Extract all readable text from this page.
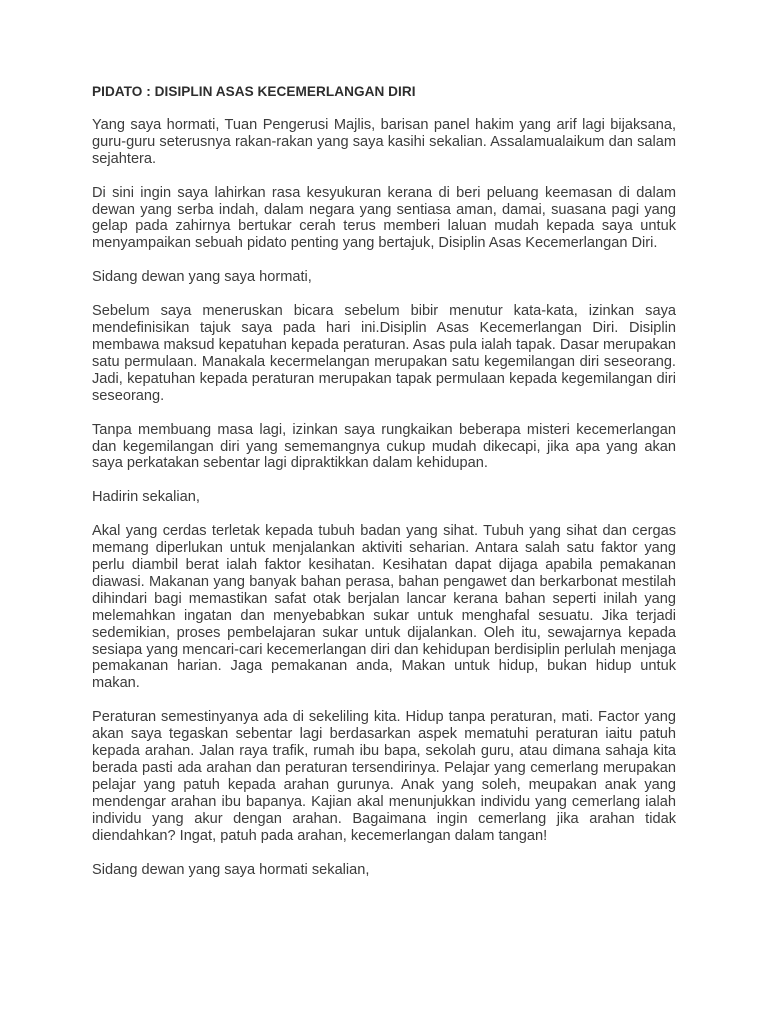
PIDATO : DISIPLIN ASAS KECEMERLANGAN DIRI

Yang saya hormati, Tuan Pengerusi Majlis, barisan panel hakim yang arif lagi bijaksana, guru-guru seterusnya rakan-rakan yang saya kasihi sekalian. Assalamualaikum dan salam sejahtera.

Di sini ingin saya lahirkan rasa kesyukuran kerana di beri peluang keemasan di dalam dewan yang serba indah, dalam negara yang sentiasa aman, damai, suasana pagi yang gelap pada zahirnya bertukar cerah terus memberi laluan mudah kepada saya untuk menyampaikan sebuah pidato penting yang bertajuk, Disiplin Asas Kecemerlangan Diri.

Sidang dewan yang saya hormati,

Sebelum saya meneruskan bicara sebelum bibir menutur kata-kata, izinkan saya mendefinisikan tajuk saya pada hari ini.Disiplin Asas Kecemerlangan Diri. Disiplin membawa maksud kepatuhan kepada peraturan. Asas pula ialah tapak. Dasar merupakan satu permulaan. Manakala kecermelangan merupakan satu kegemilangan diri seseorang. Jadi, kepatuhan kepada peraturan merupakan tapak permulaan kepada kegemilangan diri seseorang.

Tanpa membuang masa lagi, izinkan saya rungkaikan beberapa misteri kecemerlangan dan kegemilangan diri yang sememangnya cukup mudah dikecapi, jika apa yang akan saya perkatakan sebentar lagi dipraktikkan dalam kehidupan.

Hadirin sekalian,

Akal yang cerdas terletak kepada tubuh badan yang sihat. Tubuh yang sihat dan cergas memang diperlukan untuk menjalankan aktiviti seharian. Antara salah satu faktor yang perlu diambil berat ialah faktor kesihatan. Kesihatan dapat dijaga apabila pemakanan diawasi. Makanan yang banyak bahan perasa, bahan pengawet dan berkarbonat mestilah dihindari bagi memastikan safat otak berjalan lancar kerana bahan seperti inilah yang melemahkan ingatan dan menyebabkan sukar untuk menghafal sesuatu. Jika terjadi sedemikian, proses pembelajaran sukar untuk dijalankan. Oleh itu, sewajarnya kepada sesiapa yang mencari-cari kecemerlangan diri dan kehidupan berdisiplin perlulah menjaga pemakanan harian. Jaga pemakanan anda, Makan untuk hidup, bukan hidup untuk makan.

Peraturan semestinyanya ada di sekeliling kita. Hidup tanpa peraturan, mati. Factor yang akan saya tegaskan sebentar lagi berdasarkan aspek mematuhi peraturan iaitu patuh kepada arahan. Jalan raya trafik, rumah ibu bapa, sekolah guru, atau dimana sahaja kita berada pasti ada arahan dan peraturan tersendirinya. Pelajar yang cemerlang merupakan pelajar yang patuh kepada arahan gurunya. Anak yang soleh, meupakan anak yang mendengar arahan ibu bapanya. Kajian akal menunjukkan individu yang cemerlang ialah individu yang akur dengan arahan. Bagaimana ingin cemerlang jika arahan tidak diendahkan? Ingat, patuh pada arahan, kecemerlangan dalam tangan!

Sidang dewan yang saya hormati sekalian,
